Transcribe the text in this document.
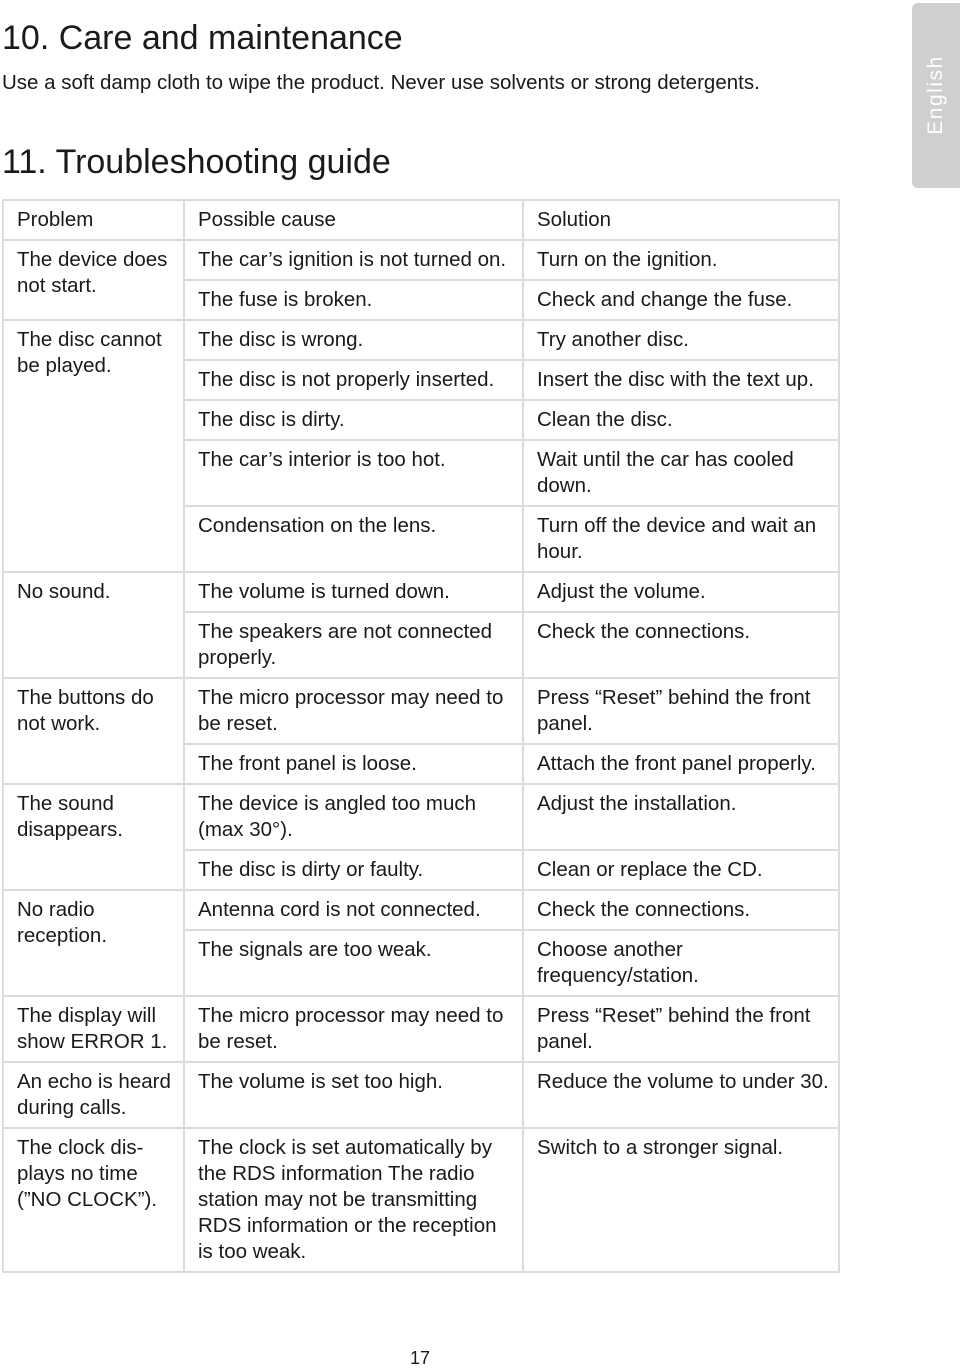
10. Care and maintenance

Use a soft damp cloth to wipe the product. Never use solvents or strong detergents.

11. Troubleshooting guide
English
Problem	Possible cause	Solution
The device does not start.	The car’s ignition is not turned on.	Turn on the ignition.
	The fuse is broken.	Check and change the fuse.
The disc cannot be played.	The disc is wrong.	Try another disc.
	The disc is not properly inserted.	Insert the disc with the text up.
	The disc is dirty.	Clean the disc.
	The car’s interior is too hot.	Wait until the car has cooled down.
	Condensation on the lens.	Turn off the device and wait an hour.
No sound.	The volume is turned down.	Adjust the volume.
	The speakers are not connected properly.	Check the connections.
The buttons do not work.	The micro processor may need to be reset.	Press “Reset” behind the front panel.
	The front panel is loose.	Attach the front panel properly.
The sound disappears.	The device is angled too much (max 30°).	Adjust the installation.
	The disc is dirty or faulty.	Clean or replace the CD.
No radio reception.	Antenna cord is not connected.	Check the connections.
	The signals are too weak.	Choose another frequency/station.
The display will show ERROR 1.	The micro processor may need to be reset.	Press “Reset” behind the front panel.
An echo is heard during calls.	The volume is set too high.	Reduce the volume to under 30.
The clock dis-plays no time (”NO CLOCK”).	The clock is set automatically by the RDS information The radio station may not be transmitting RDS information or the reception is too weak.	Switch to a stronger signal.
17
